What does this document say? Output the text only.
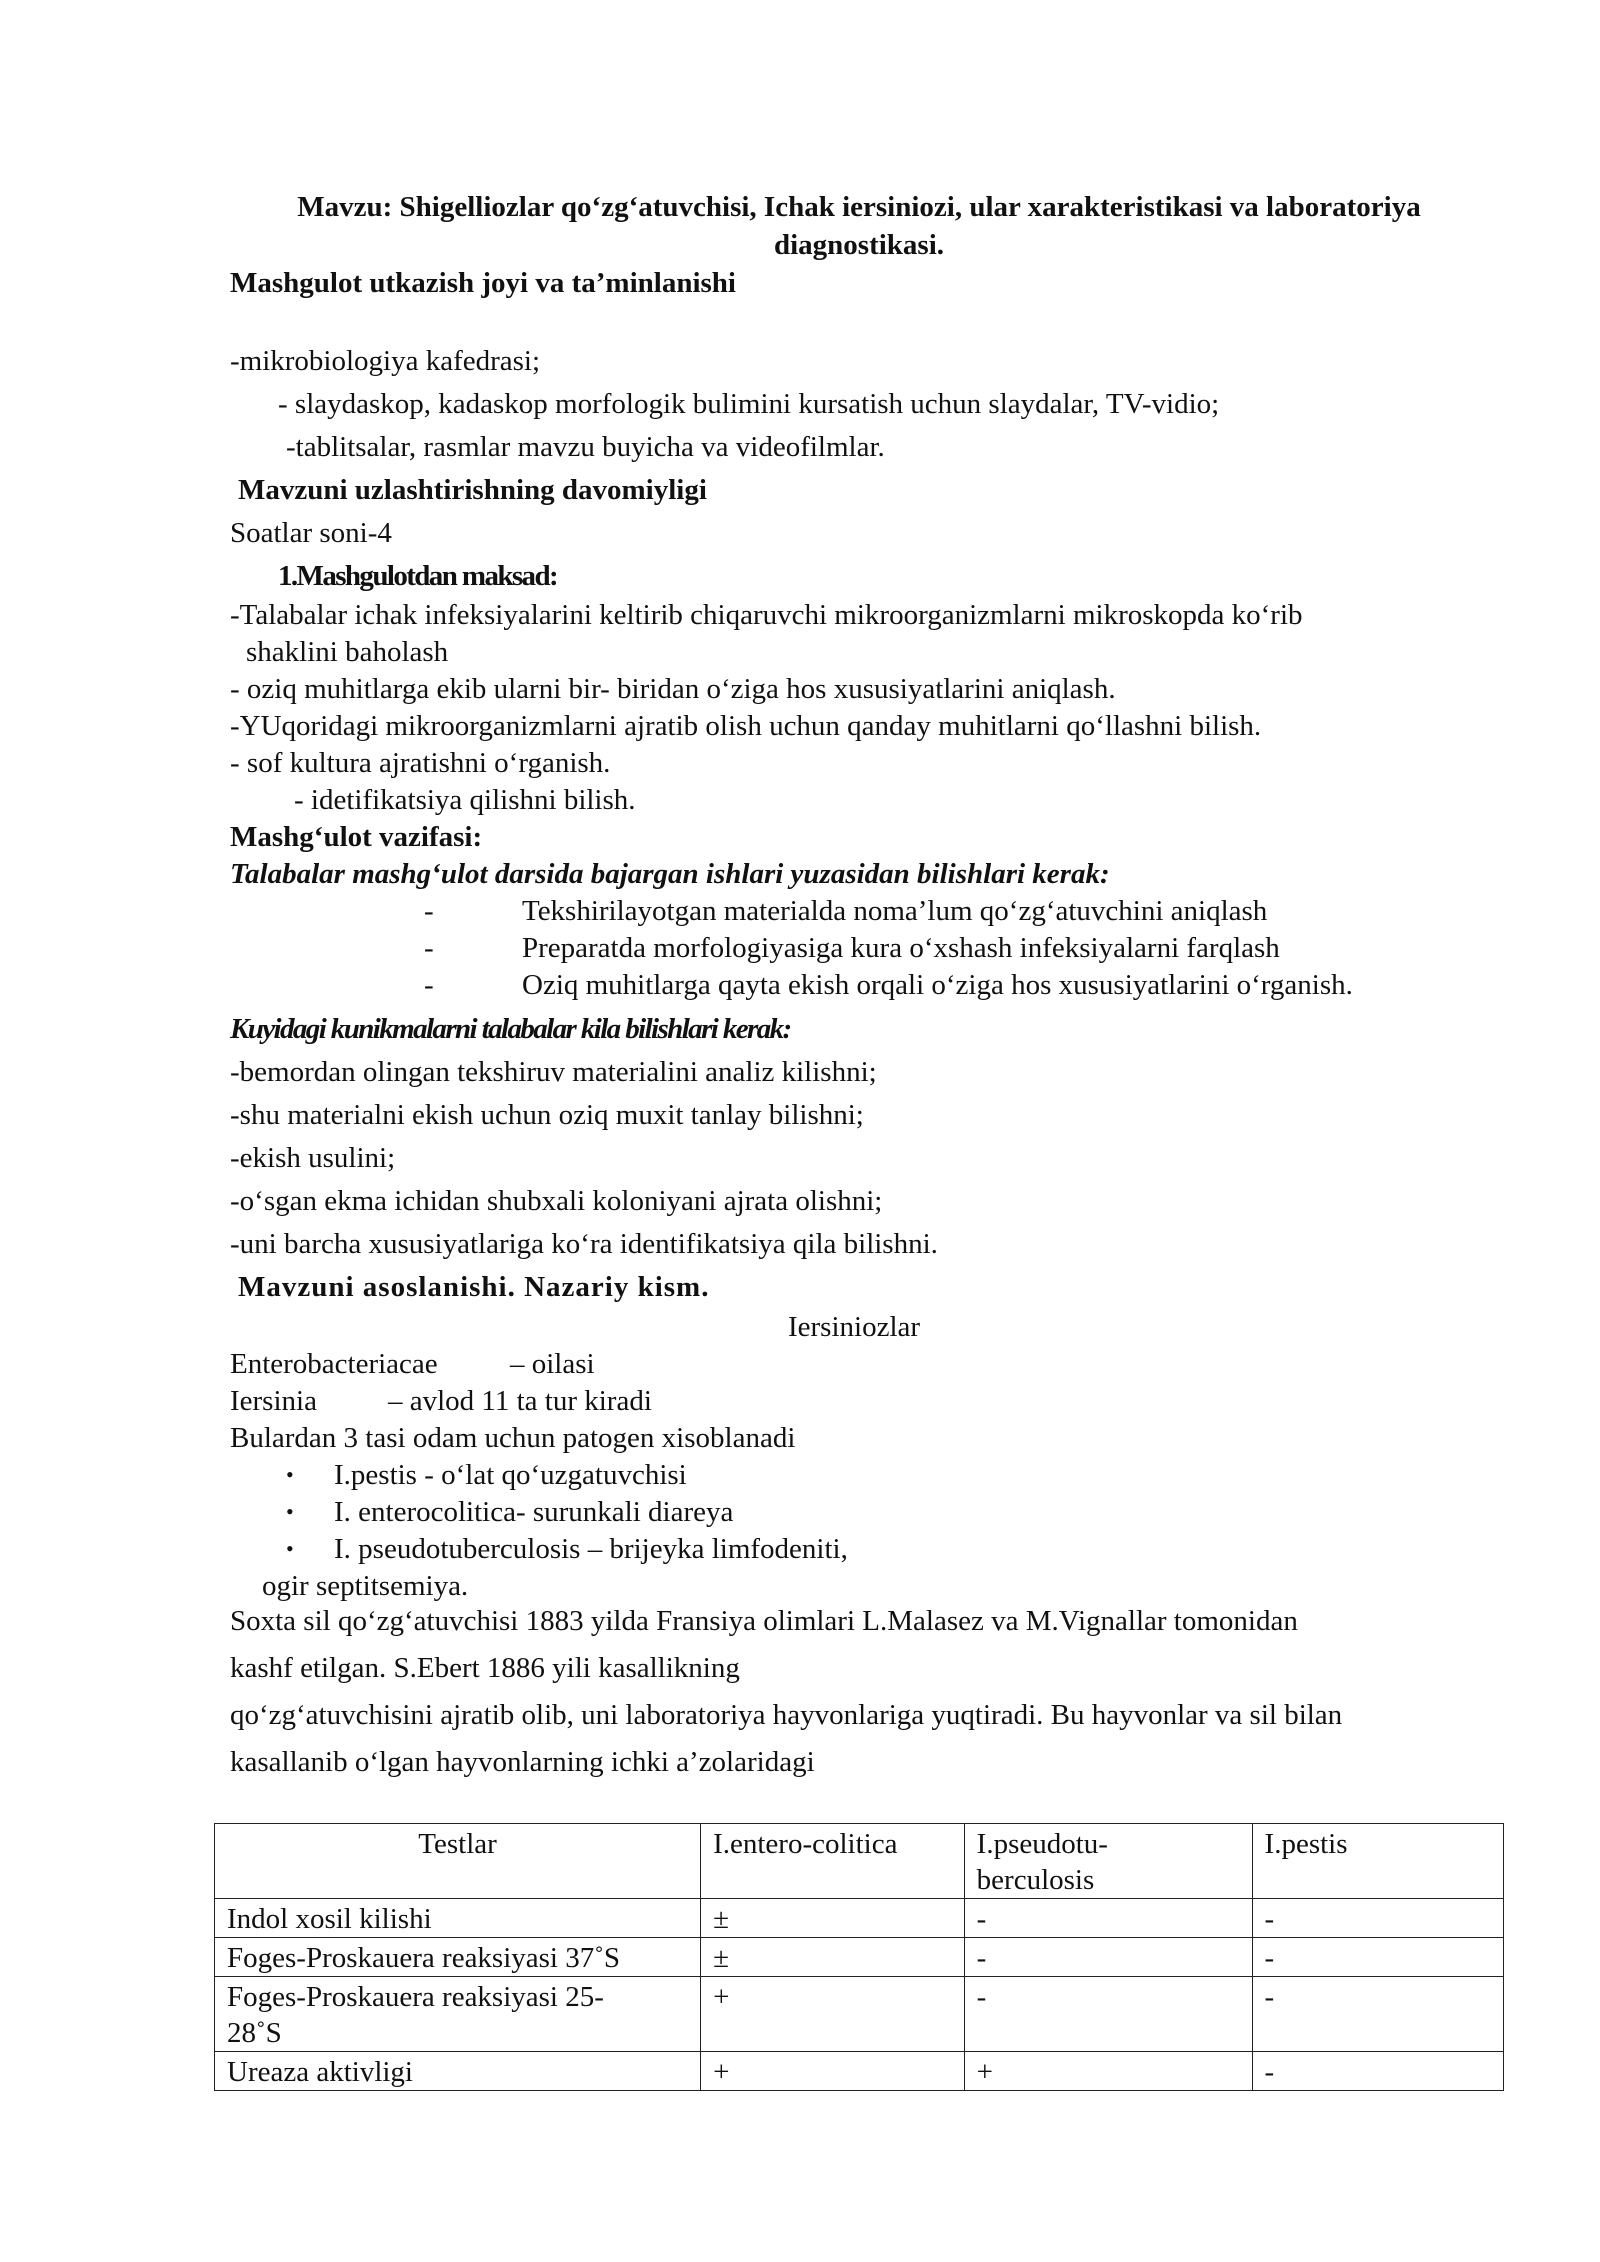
Mavzu: Shigelliozlar qo‘zg‘atuvchisi, Ichak iersiniozi, ular xarakteristikasi va laboratoriya
diagnostikasi.
Mashgulot utkazish joyi va ta’minlanishi
-mikrobiologiya kafedrasi;
- slaydaskop, kadaskop morfologik bulimini kursatish uchun slaydalar, TV-vidio;
-tablitsalar, rasmlar mavzu buyicha va videofilmlar.
Mavzuni uzlashtirishning davomiyligi
Soatlar soni-4
1.Mashgulotdan maksad:
-Talabalar ichak infeksiyalarini keltirib chiqaruvchi mikroorganizmlarni mikroskopda ko‘rib
shaklini baholash
- oziq muhitlarga ekib ularni bir- biridan o‘ziga hos xususiyatlarini aniqlash.
-YUqoridagi mikroorganizmlarni ajratib olish uchun qanday muhitlarni qo‘llashni bilish.
- sof kultura ajratishni o‘rganish.
- idetifikatsiya qilishni bilish.
Mashg‘ulot vazifasi:
Talabalar mashg‘ulot darsida bajargan ishlari yuzasidan bilishlari kerak:
-	Tekshirilayotgan materialda noma’lum qo‘zg‘atuvchini aniqlash
-	Preparatda morfologiyasiga kura o‘xshash infeksiyalarni farqlash
-	Oziq muhitlarga qayta ekish orqali o‘ziga hos xususiyatlarini o‘rganish.
Kuyidagi kunikmalarni talabalar kila bilishlari kerak:
-bemordan olingan tekshiruv materialini analiz kilishni;
-shu materialni ekish uchun oziq muxit tanlay bilishni;
-ekish usulini;
-o‘sgan ekma ichidan shubxali koloniyani ajrata olishni;
-uni barcha xususiyatlariga ko‘ra identifikatsiya qila bilishni.
Mavzuni asoslanishi. Nazariy kism.
Iersiniozlar
Enterobacteriacae – oilasi
Iersinia – avlod 11 ta tur kiradi
Bulardan 3 tasi odam uchun patogen xisoblanadi
• I.pestis - o‘lat qo‘uzgatuvchisi
• I. enterocolitica- surunkali diareya
• I. pseudotuberculosis – brijeyka limfodeniti,
ogir septitsemiya.
Soxta sil qo‘zg‘atuvchisi 1883 yilda Fransiya olimlari L.Malasez va M.Vignallar tomonidan
kashf etilgan. S.Ebert 1886 yili kasallikning
qo‘zg‘atuvchisini ajratib olib, uni laboratoriya hayvonlariga yuqtiradi. Bu hayvonlar va sil bilan
kasallanib o‘lgan hayvonlarning ichki a’zolaridagi
Testlar	I.entero-colitica	I.pseudotu-
berculosis	I.pestis
Indol xosil kilishi	±	-	-
Foges-Proskauera reaksiyasi 37˚S	±	-	-
Foges-Proskauera reaksiyasi 25-
28˚S	+	-	-
Ureaza aktivligi	+	+	-
